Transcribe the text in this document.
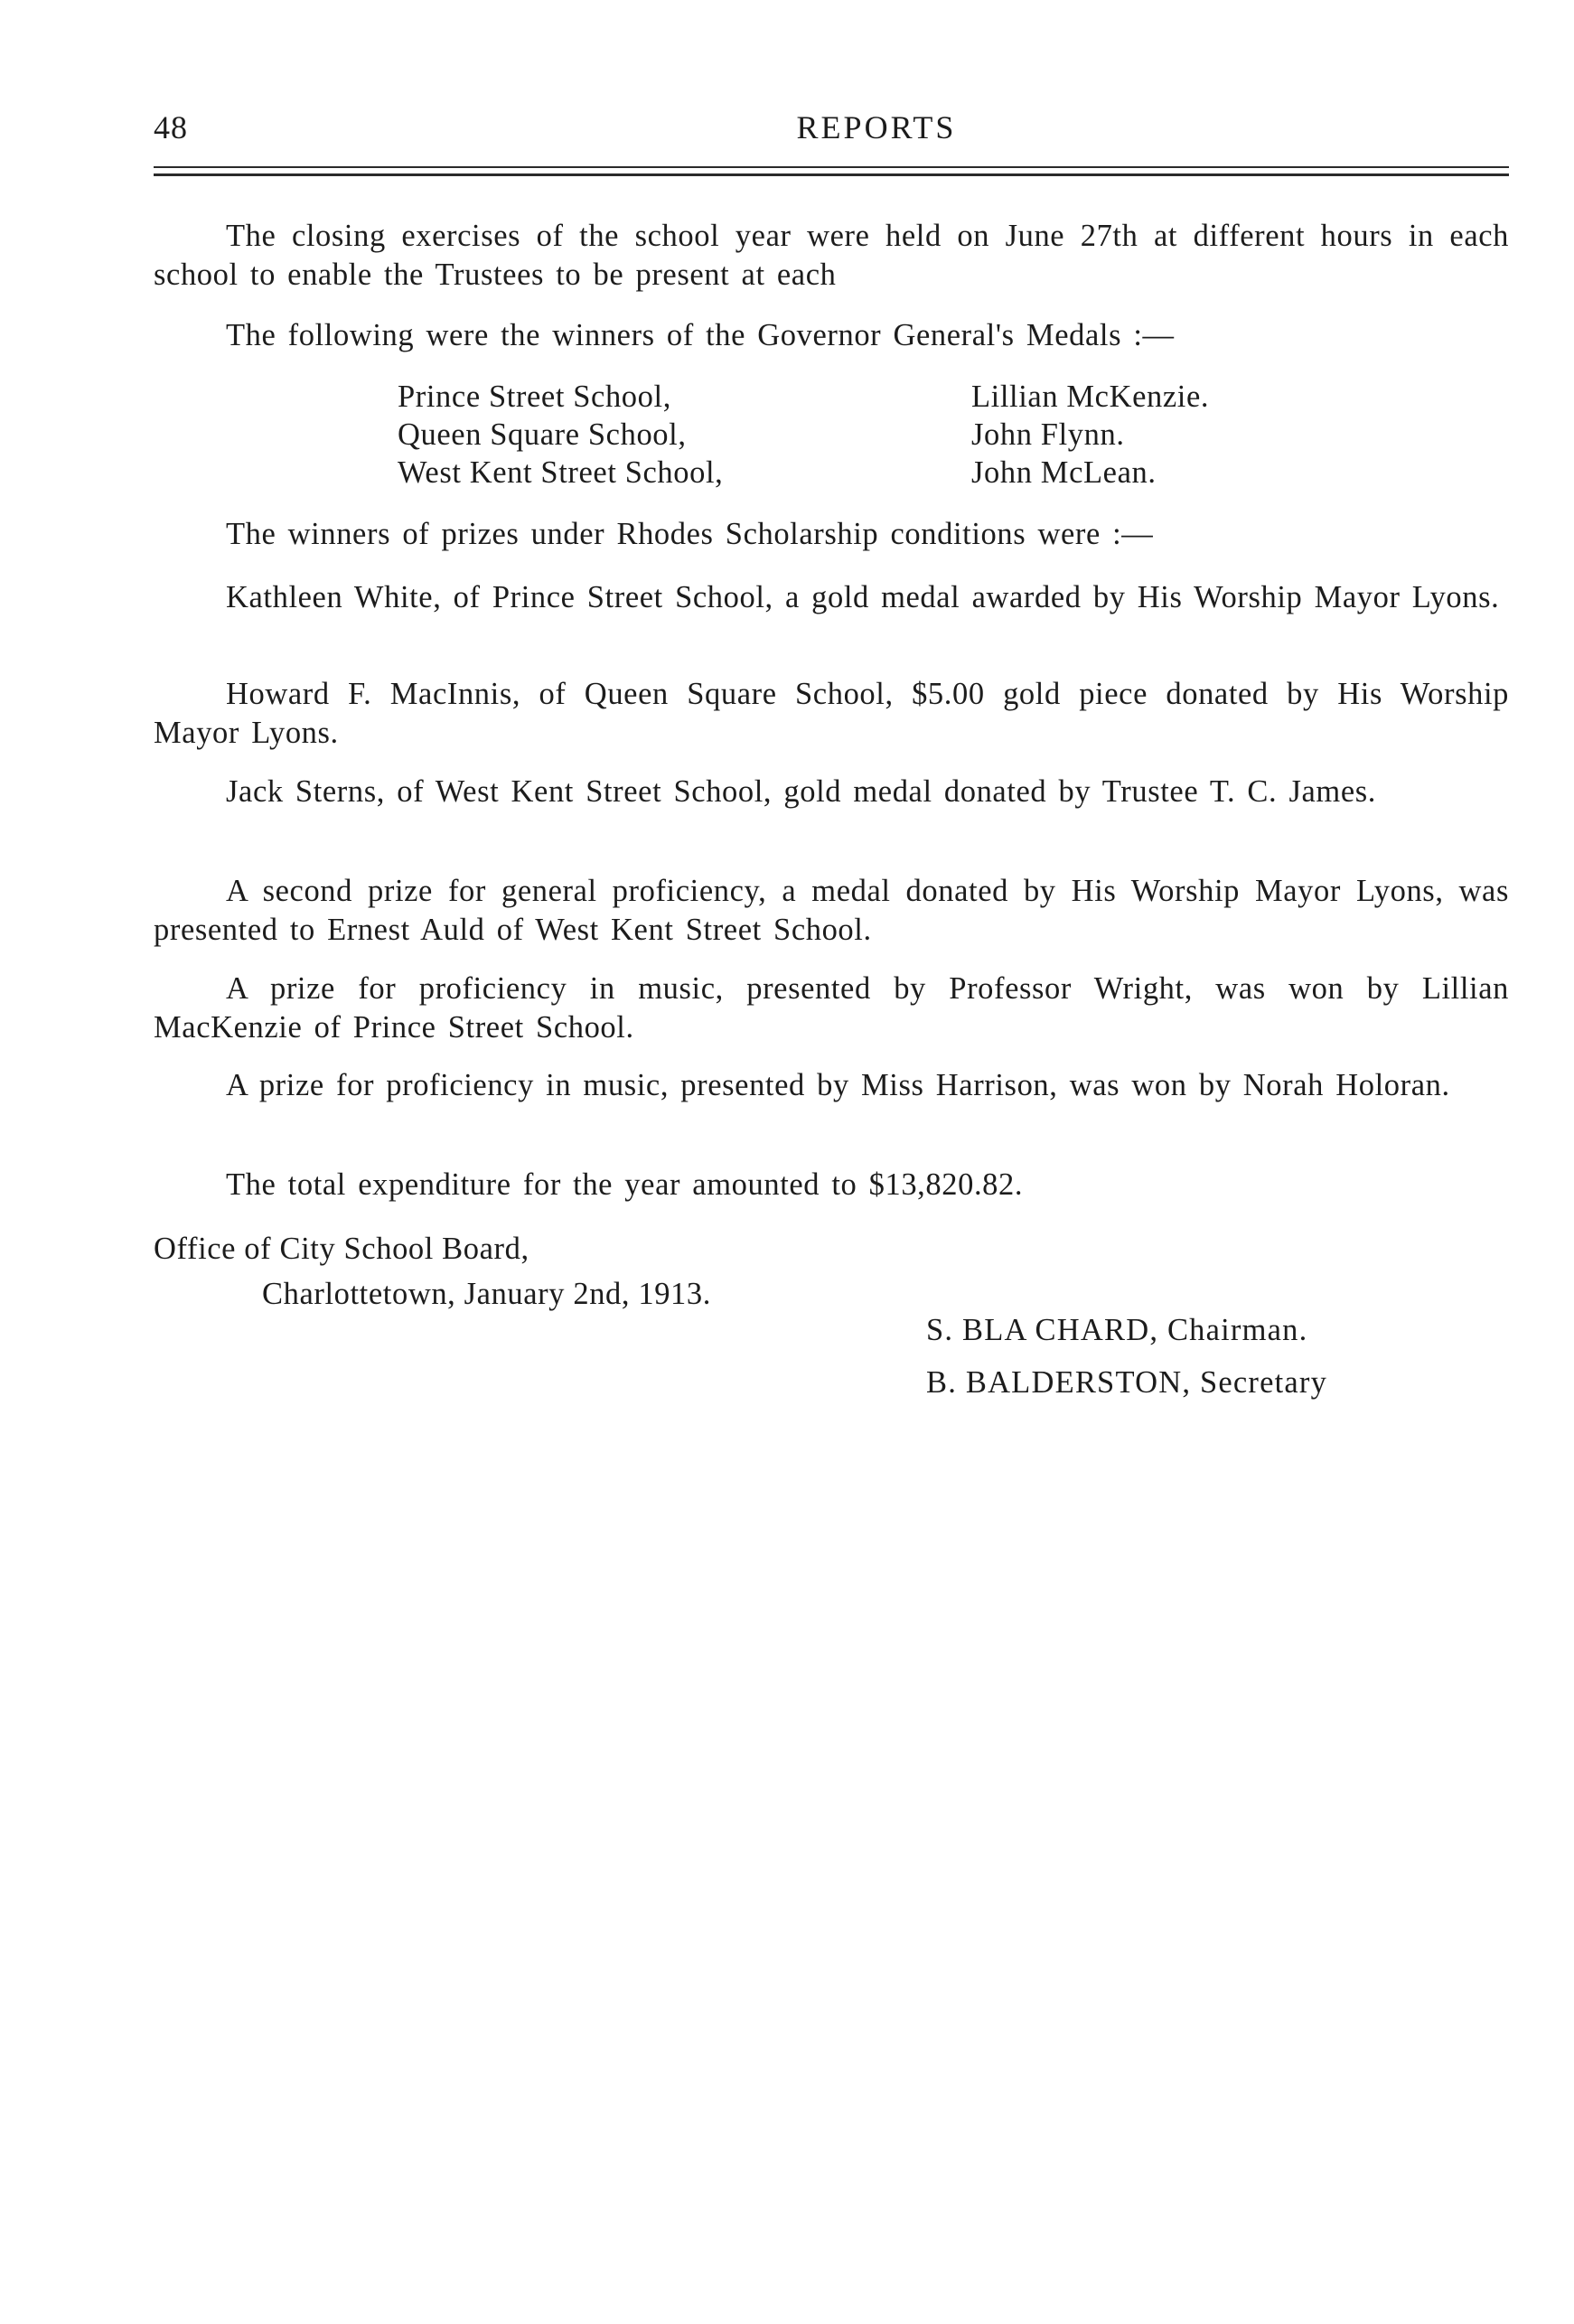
48	REPORTS

The closing exercises of the school year were held on June 27th at different hours in each school to enable the Trustees to be present at each

The following were the winners of the Governor General's Medals :—

Prince Street School,	Lillian McKenzie.
Queen Square School,	John Flynn.
West Kent Street School,	John McLean.

The winners of prizes under Rhodes Scholarship conditions were :—

Kathleen White, of Prince Street School, a gold medal awarded by His Worship Mayor Lyons.

Howard F. MacInnis, of Queen Square School, $5.00 gold piece donated by His Worship Mayor Lyons.

Jack Sterns, of West Kent Street School, gold medal donated by Trustee T. C. James.

A second prize for general proficiency, a medal donated by His Worship Mayor Lyons, was presented to Ernest Auld of West Kent Street School.

A prize for proficiency in music, presented by Professor Wright, was won by Lillian MacKenzie of Prince Street School.

A prize for proficiency in music, presented by Miss Harrison, was won by Norah Holoran.

The total expenditure for the year amounted to $13,820.82.

Office of City School Board,
Charlottetown, January 2nd, 1913.
S. BLA CHARD, Chairman.
B. BALDERSTON, Secretary
